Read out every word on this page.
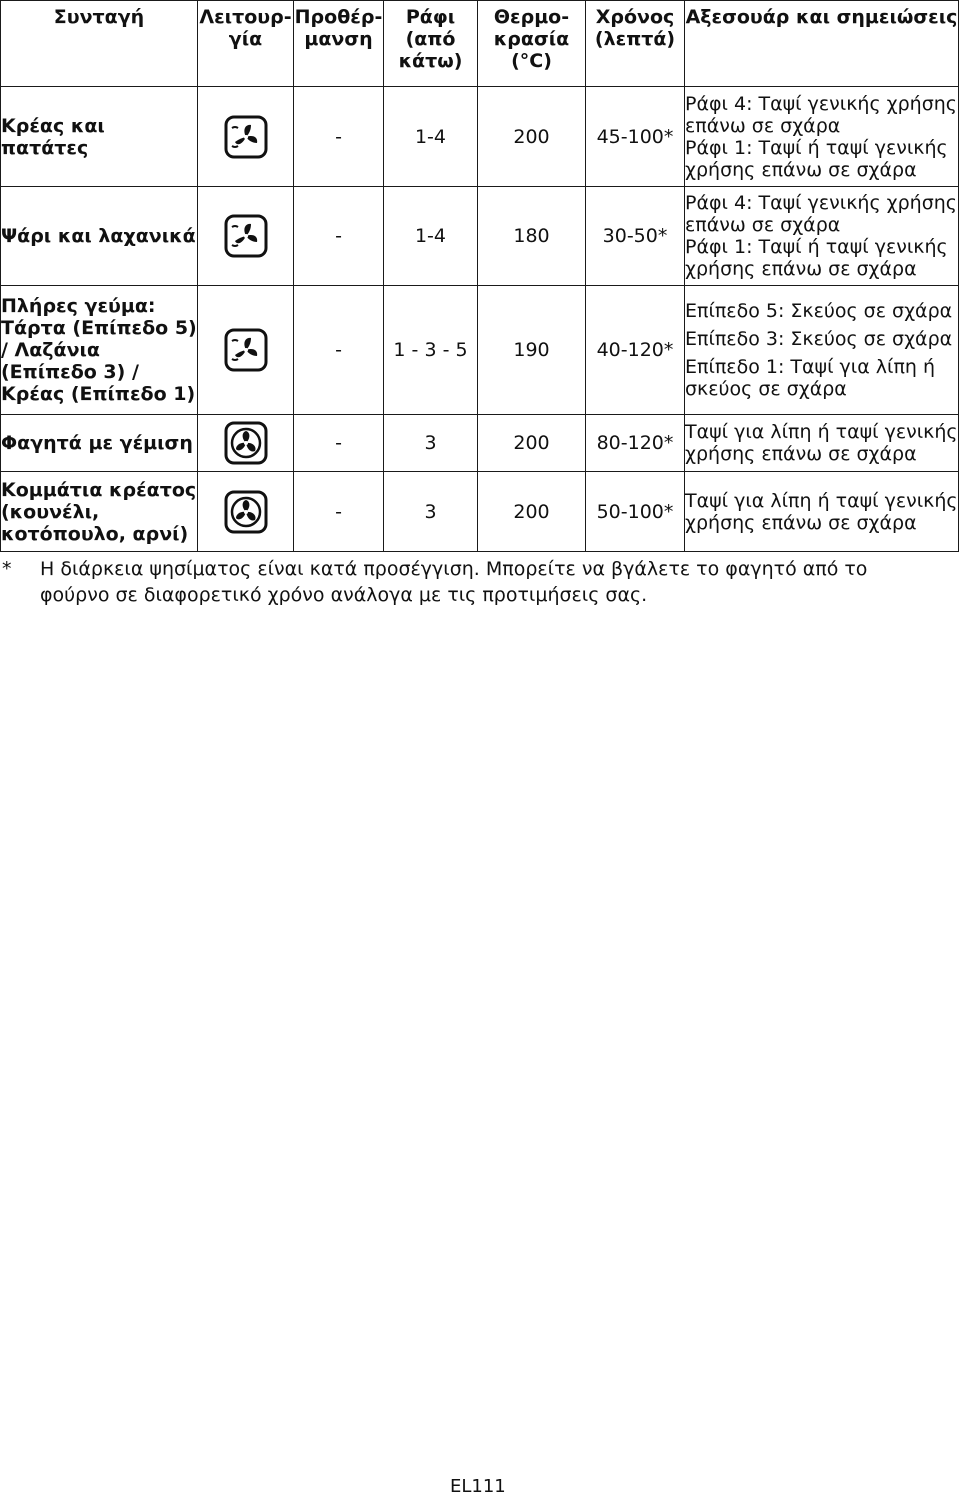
Συνταγή	Λειτουρ-γία	Προθέρ-μανση	Ράφι (από κάτω)	Θερμο-κρασία (°C)	Χρόνος (λεπτά)	Αξεσουάρ και σημειώσεις
Κρέας και πατάτες		-	1-4	200	45-100*	Ράφι 4: Ταψί γενικής χρήσης επάνω σε σχάρα
Ράφι 1: Ταψί ή ταψί γενικής χρήσης επάνω σε σχάρα

Ψάρι και λαχανικά		-	1-4	180	30-50*	Ράφι 4: Ταψί γενικής χρήσης επάνω σε σχάρα
Ράφι 1: Ταψί ή ταψί γενικής χρήσης επάνω σε σχάρα

Πλήρες γεύμα: Τάρτα (Επίπεδο 5) / Λαζάνια (Επίπεδο 3) / Κρέας (Επίπεδο 1)		-	1 - 3 - 5	190	40-120*	Επίπεδο 5: Σκεύος σε σχάρα
Επίπεδο 3: Σκεύος σε σχάρα
Επίπεδο 1: Ταψί για λίπη ή σκεύος σε σχάρα

Φαγητά με γέμιση		-	3	200	80-120*	Ταψί για λίπη ή ταψί γενικής χρήσης επάνω σε σχάρα

Κομμάτια κρέατος (κουνέλι, κοτόπουλο, αρνί)		-	3	200	50-100*	Ταψί για λίπη ή ταψί γενικής χρήσης επάνω σε σχάρα
* Η διάρκεια ψησίματος είναι κατά προσέγγιση. Μπορείτε να βγάλετε το φαγητό από το φούρνο σε διαφορετικό χρόνο ανάλογα με τις προτιμήσεις σας.
EL111
